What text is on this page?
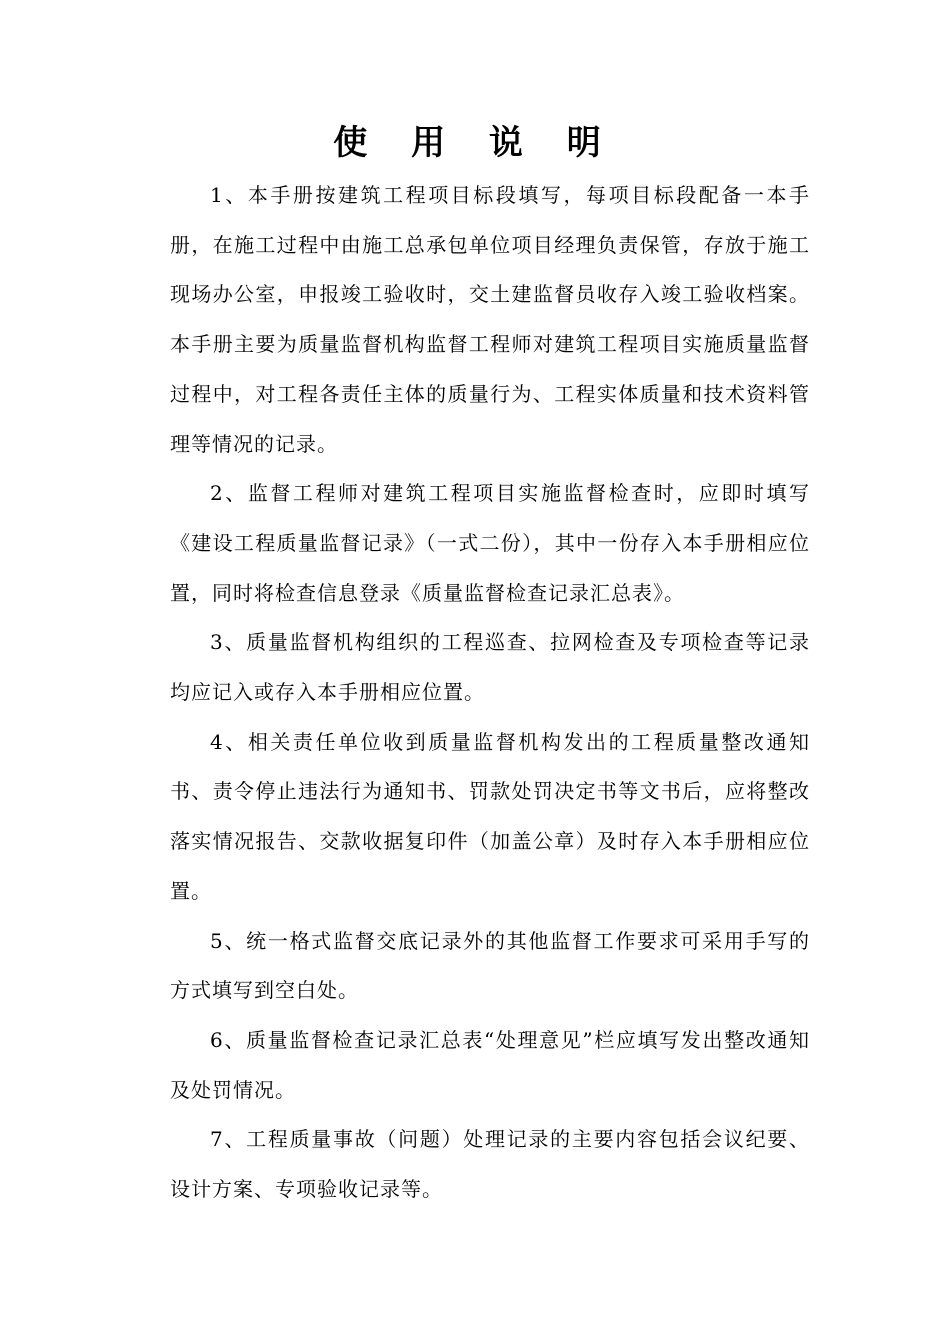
使 用 说 明

1、本手册按建筑工程项目标段填写，每项目标段配备一本手册，在施工过程中由施工总承包单位项目经理负责保管，存放于施工现场办公室，申报竣工验收时，交土建监督员收存入竣工验收档案。本手册主要为质量监督机构监督工程师对建筑工程项目实施质量监督过程中，对工程各责任主体的质量行为、工程实体质量和技术资料管理等情况的记录。

2、监督工程师对建筑工程项目实施监督检查时，应即时填写《建设工程质量监督记录》（一式二份），其中一份存入本手册相应位置，同时将检查信息登录《质量监督检查记录汇总表》。

3、质量监督机构组织的工程巡查、拉网检查及专项检查等记录均应记入或存入本手册相应位置。

4、相关责任单位收到质量监督机构发出的工程质量整改通知书、责令停止违法行为通知书、罚款处罚决定书等文书后，应将整改落实情况报告、交款收据复印件（加盖公章）及时存入本手册相应位置。

5、统一格式监督交底记录外的其他监督工作要求可采用手写的方式填写到空白处。

6、质量监督检查记录汇总表“处理意见”栏应填写发出整改通知及处罚情况。

7、工程质量事故（问题）处理记录的主要内容包括会议纪要、设计方案、专项验收记录等。
